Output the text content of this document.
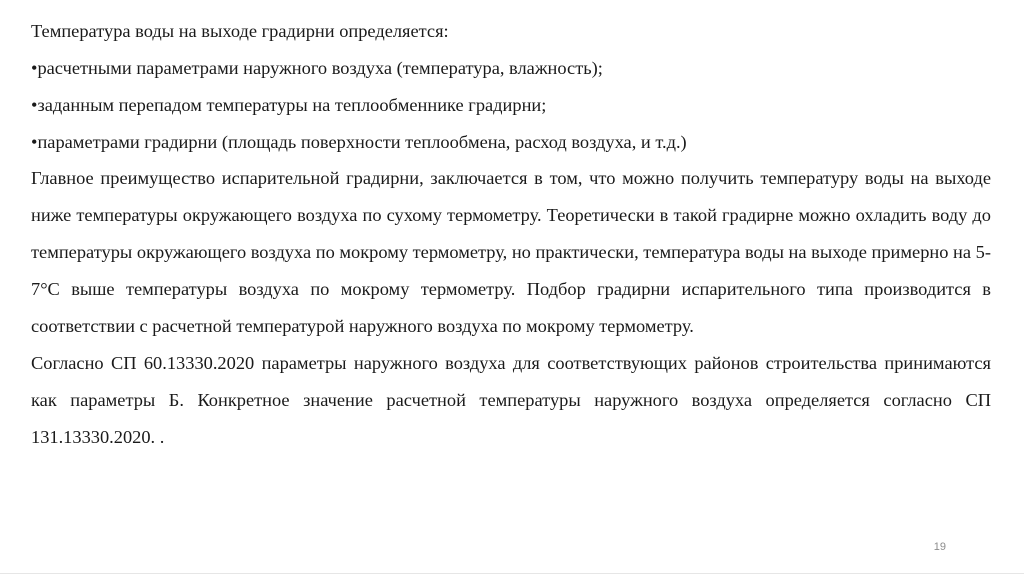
Температура воды на выходе градирни определяется:
•расчетными параметрами наружного воздуха (температура, влажность);
•заданным перепадом температуры на теплообменнике градирни;
•параметрами градирни (площадь поверхности теплообмена, расход воздуха, и т.д.)

Главное преимущество испарительной градирни, заключается в том, что можно получить температуру воды на выходе ниже температуры окружающего воздуха по сухому термометру. Теоретически в такой градирне можно охладить воду до температуры окружающего воздуха по мокрому термометру, но практически, температура воды на выходе примерно на 5-7°C выше температуры воздуха по мокрому термометру. Подбор градирни испарительного типа производится в соответствии с расчетной температурой наружного воздуха по мокрому термометру.

Согласно СП 60.13330.2020 параметры наружного воздуха для соответствующих районов строительства принимаются как параметры Б. Конкретное значение расчетной температуры наружного воздуха определяется согласно СП 131.13330.2020. .

19
